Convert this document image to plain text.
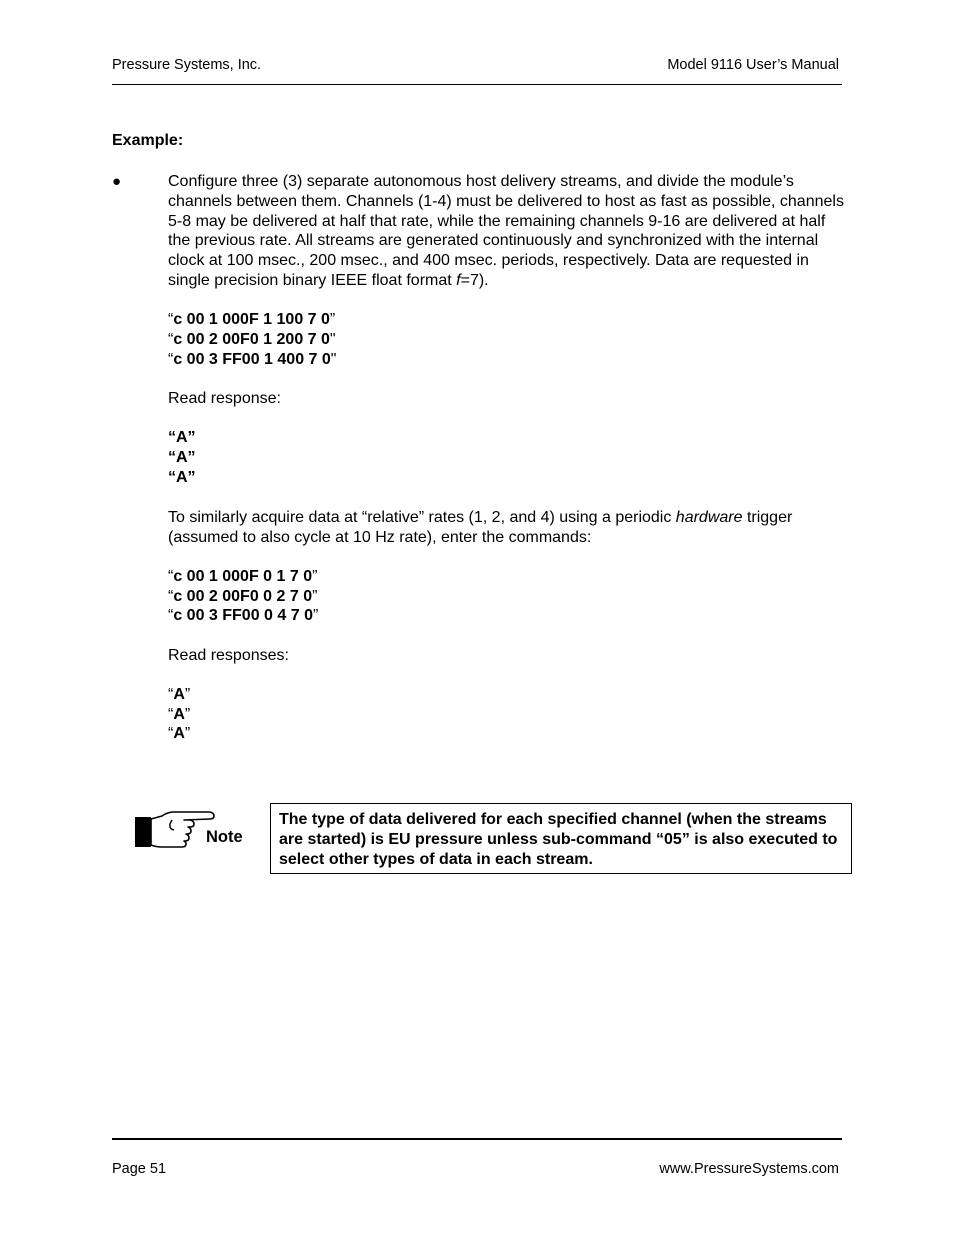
Pressure Systems, Inc.	Model 9116 User’s Manual
Example:
●	Configure three (3) separate autonomous host delivery streams, and divide the module’s channels between them. Channels (1-4) must be delivered to host as fast as possible, channels 5-8 may be delivered at half that rate, while the remaining channels 9-16 are delivered at half the previous rate. All streams are generated continuously and synchronized with the internal clock at 100 msec., 200 msec., and 400 msec. periods, respectively. Data are requested in single precision binary IEEE float format f=7).
“c 00 1 000F 1 100 7 0”
“c 00 2 00F0 1 200 7 0"
“c 00 3 FF00 1 400 7 0"
Read response:
“A”
“A”
“A”
To similarly acquire data at “relative” rates (1, 2, and 4) using a periodic hardware trigger (assumed to also cycle at 10 Hz rate), enter the commands:
“c 00 1 000F 0 1 7 0”
“c 00 2 00F0 0 2 7 0”
“c 00 3 FF00 0 4 7 0”
Read responses:
“A”
“A”
“A”
Note
The type of data delivered for each specified channel (when the streams are started) is EU pressure unless sub-command “05” is also executed to select other types of data in each stream.
Page 51	www.PressureSystems.com
